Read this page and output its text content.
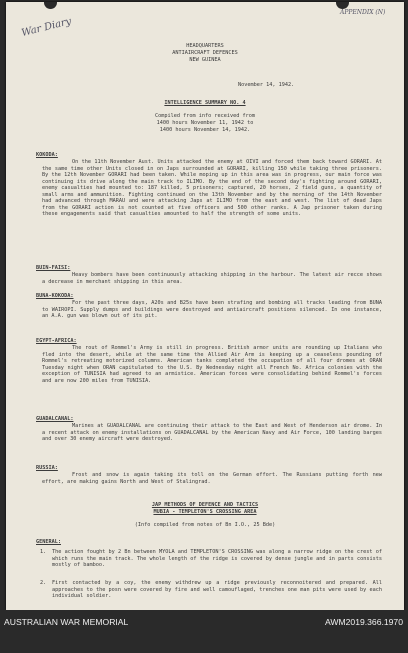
War Diary
APPENDIX (N)
HEADQUARTERS
ANTIAIRCRAFT DEFENCES
NEW GUINEA
November 14, 1942.
INTELLIGENCE SUMMARY NO. 4
Compiled from info received from
1400 hours November 11, 1942 to
1400 hours November 14, 1942.
KOKODA:
On the 11th November Aust. Units attacked the enemy at OIVI and forced them back toward GORARI. At the same time other Units closed in on Japs surrounded at GORARI, killing 150 while taking three prisoners. By the 12th November GORARI had been taken. While moping up in this area was in progress, our main force was continuing its drive along the main track to ILIMO. By the end of the second day's fighting around GORARI, enemy casualties had mounted to: 187 killed, 5 prisoners; captured, 20 horses, 2 field guns, a quantity of small arms and ammunition. Fighting continued on the 13th November and by the morning of the 14th November had advanced through MARAU and were attacking Japs at ILIMO from the east and west. The list of dead Japs from the GORARI action is not counted at five officers and 500 other ranks. A Jap prisoner taken during these engagements said that casualties amounted to half the strength of some units.
BUIN-FAISI:
Heavy bombers have been continuously attacking shipping in the harbour. The latest air recce shows a decrease in merchant shipping in this area.
BUNA-KOKODA:
For the past three days, A20s and B25s have been strafing and bombing all tracks leading from BUNA to WAIROPI. Supply dumps and buildings were destroyed and antiaircraft positions silenced. In one instance, an A.A. gun was blown out of its pit.
EGYPT-AFRICA:
The rout of Rommel's Army is still in progress. British armor units are rounding up Italians who fled into the desert, while at the same time the Allied Air Arm is keeping up a ceaseless pounding of Rommel's retreating motorized columns. American tanks completed the occupation of all four dromes at ORAN Tuesday night when ORAN capitulated to the U.S. By Wednesday night all French No. Africa colonies with the exception of TUNISIA had agreed to an armistice. American forces were consolidating behind Rommel's forces and are now 200 miles from TUNISIA.
GUADALCANAL:
Marines at GUADALCANAL are continuing their attack to the East and West of Henderson air drome. In a recent attack on enemy installations on GUADALCANAL by the American Navy and Air Force, 100 landing barges and over 30 enemy aircraft were destroyed.
RUSSIA:
Frost and snow is again taking its toll on the German effort. The Russians putting forth new effort, are making gains North and West of Stalingrad.
JAP METHODS OF DEFENCE AND TACTICS
MUBIA - TEMPLETON'S CROSSING AREA
(Info compiled from notes of Bn I.O., 25 Bde)
GENERAL:
1. The action fought by 2 Bn between MYOLA and TEMPLETON'S CROSSING was along a narrow ridge on the crest of which runs the main track. The whole length of the ridge is covered by dense jungle and in parts consists mostly of bamboo.
2. First contacted by a coy, the enemy withdrew up a ridge previously reconnoitered and prepared. All approaches to the posn were covered by fire and well camouflaged, trenches one man pits were used by each individual soldier.
AUSTRALIAN WAR MEMORIAL	AWM2019.366.1970
